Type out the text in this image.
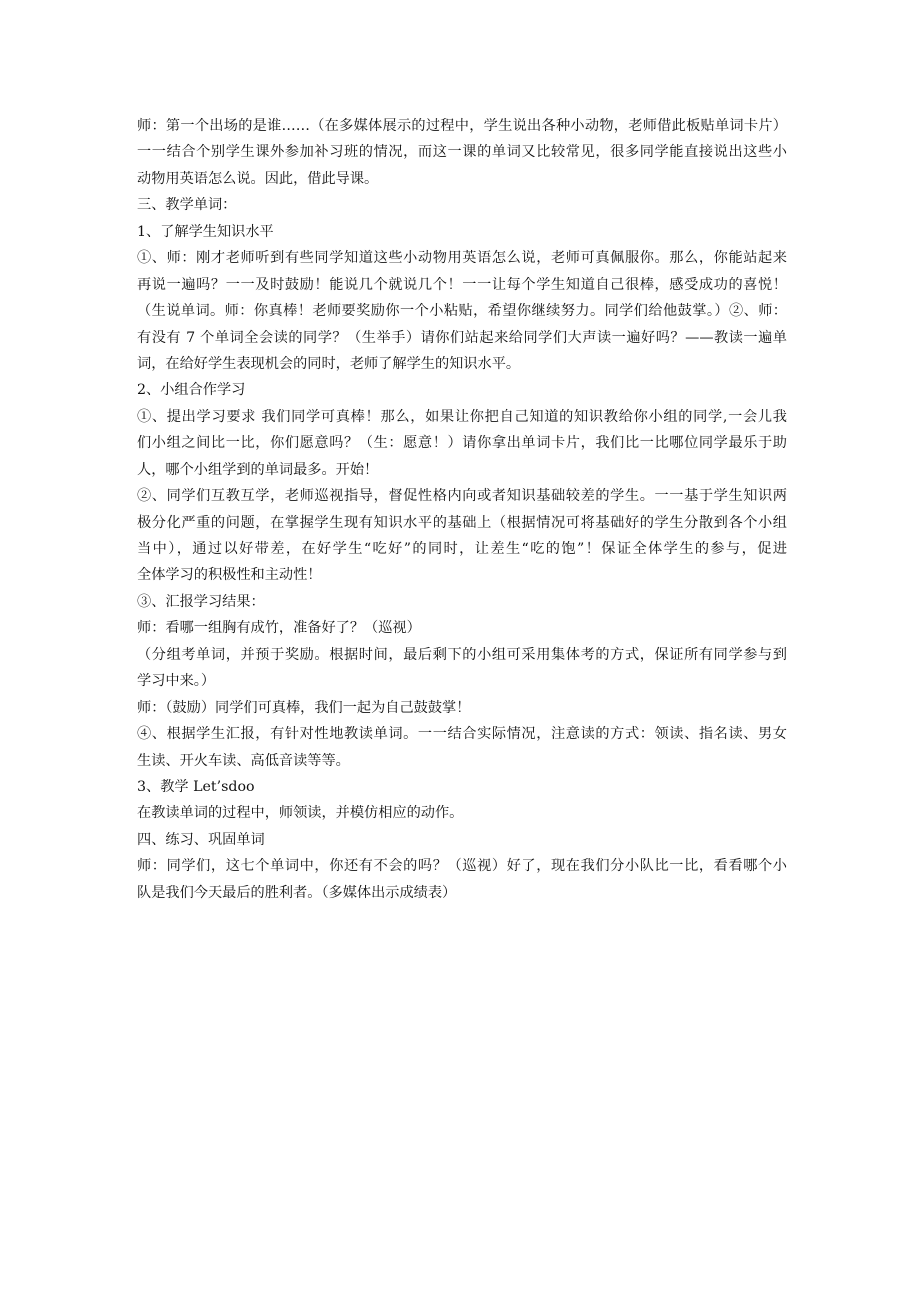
师：第一个出场的是谁……（在多媒体展示的过程中，学生说出各种小动物，老师借此板贴单词卡片）
一一结合个别学生课外参加补习班的情况，而这一课的单词又比较常见，很多同学能直接说出这些小
动物用英语怎么说。因此，借此导课。
三、教学单词：
1、了解学生知识水平
①、师：刚才老师听到有些同学知道这些小动物用英语怎么说，老师可真佩服你。那么，你能站起来
再说一遍吗？一一及时鼓励！能说几个就说几个！一一让每个学生知道自己很棒，感受成功的喜悦！
（生说单词。师：你真棒！老师要奖励你一个小粘贴，希望你继续努力。同学们给他鼓掌。）②、师：
有没有 7 个单词全会读的同学？（生举手）请你们站起来给同学们大声读一遍好吗？——教读一遍单
词，在给好学生表现机会的同时，老师了解学生的知识水平。
2、小组合作学习
①、提出学习要求 我们同学可真棒！那么，如果让你把自己知道的知识教给你小组的同学,一会儿我
们小组之间比一比，你们愿意吗？（生：愿意！）请你拿出单词卡片，我们比一比哪位同学最乐于助
人，哪个小组学到的单词最多。开始！
②、同学们互教互学，老师巡视指导，督促性格内向或者知识基础较差的学生。一一基于学生知识两
极分化严重的问题，在掌握学生现有知识水平的基础上（根据情况可将基础好的学生分散到各个小组
当中），通过以好带差，在好学生“吃好”的同时，让差生“吃的饱”！保证全体学生的参与，促进
全体学习的积极性和主动性！
③、汇报学习结果：
师：看哪一组胸有成竹，准备好了？（巡视）
（分组考单词，并预于奖励。根据时间，最后剩下的小组可采用集体考的方式，保证所有同学参与到
学习中来。）
师：（鼓励）同学们可真棒，我们一起为自己鼓鼓掌！
④、根据学生汇报，有针对性地教读单词。一一结合实际情况，注意读的方式：领读、指名读、男女
生读、开火车读、高低音读等等。
3、教学 Let’sdoo
在教读单词的过程中，师领读，并模仿相应的动作。
四、练习、巩固单词
师：同学们，这七个单词中，你还有不会的吗？（巡视）好了，现在我们分小队比一比，看看哪个小
队是我们今天最后的胜利者。（多媒体出示成绩表）
